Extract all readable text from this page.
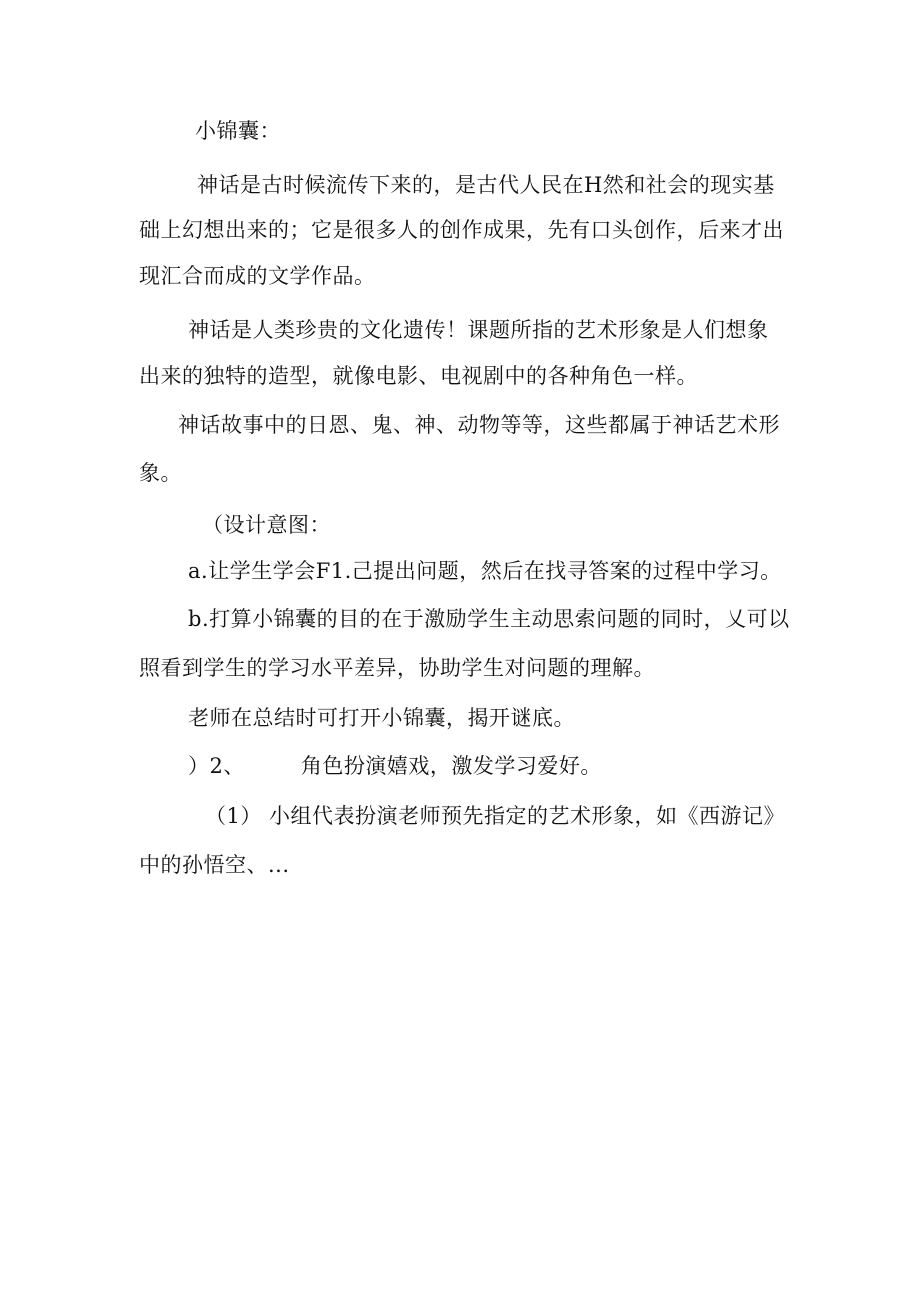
小锦囊：
神话是古时候流传下来的，是古代人民在H然和社会的现实基
础上幻想出来的；它是很多人的创作成果，先有口头创作，后来才出
现汇合而成的文学作品。
神话是人类珍贵的文化遗传！课题所指的艺术形象是人们想象
出来的独特的造型，就像电影、电视剧中的各种角色一样。
神话故事中的日恩、鬼、神、动物等等，这些都属于神话艺术形
象。
（设计意图：
a.让学生学会F1.己提出问题，然后在找寻答案的过程中学习。
b.打算小锦囊的目的在于激励学生主动思索问题的同时，乂可以
照看到学生的学习水平差异，协助学生对问题的理解。
老师在总结时可打开小锦囊，揭开谜底。
）2、	角色扮演嬉戏，激发学习爱好。
（1） 小组代表扮演老师预先指定的艺术形象，如《西游记》
中的孙悟空、...
